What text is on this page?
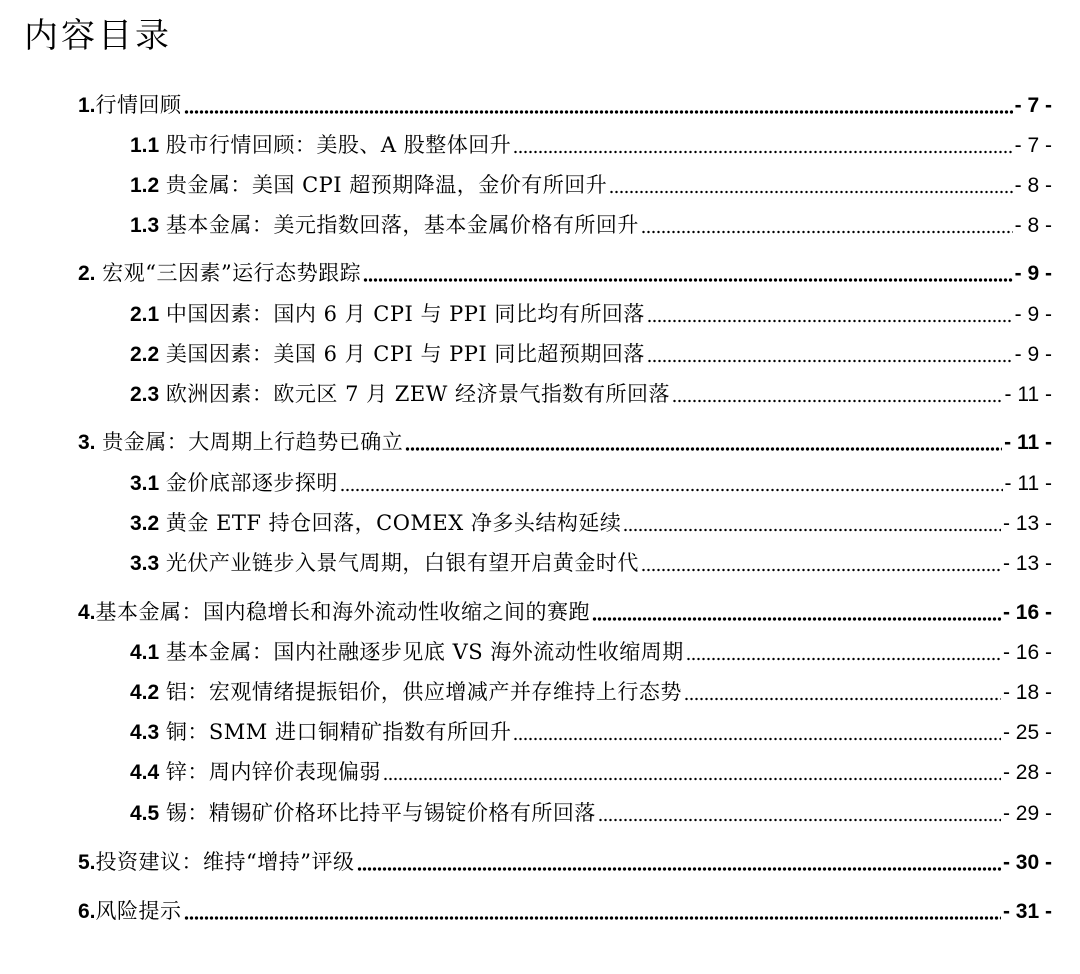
内容目录
1.行情回顾	- 7 -
1.1 股市行情回顾：美股、A 股整体回升	- 7 -
1.2 贵金属：美国 CPI 超预期降温，金价有所回升	- 8 -
1.3 基本金属：美元指数回落，基本金属价格有所回升	- 8 -
2. 宏观“三因素”运行态势跟踪	- 9 -
2.1 中国因素：国内 6 月 CPI 与 PPI 同比均有所回落	- 9 -
2.2 美国因素：美国 6 月 CPI 与 PPI 同比超预期回落	- 9 -
2.3 欧洲因素：欧元区 7 月 ZEW 经济景气指数有所回落	- 11 -
3. 贵金属：大周期上行趋势已确立	- 11 -
3.1 金价底部逐步探明	- 11 -
3.2 黄金 ETF 持仓回落，COMEX 净多头结构延续	- 13 -
3.3 光伏产业链步入景气周期，白银有望开启黄金时代	- 13 -
4.基本金属：国内稳增长和海外流动性收缩之间的赛跑	- 16 -
4.1 基本金属：国内社融逐步见底 VS 海外流动性收缩周期	- 16 -
4.2 铝：宏观情绪提振铝价，供应增减产并存维持上行态势	- 18 -
4.3 铜：SMM 进口铜精矿指数有所回升	- 25 -
4.4 锌：周内锌价表现偏弱	- 28 -
4.5 锡：精锡矿价格环比持平与锡锭价格有所回落	- 29 -
5.投资建议：维持“增持”评级	- 30 -
6.风险提示	- 31 -
